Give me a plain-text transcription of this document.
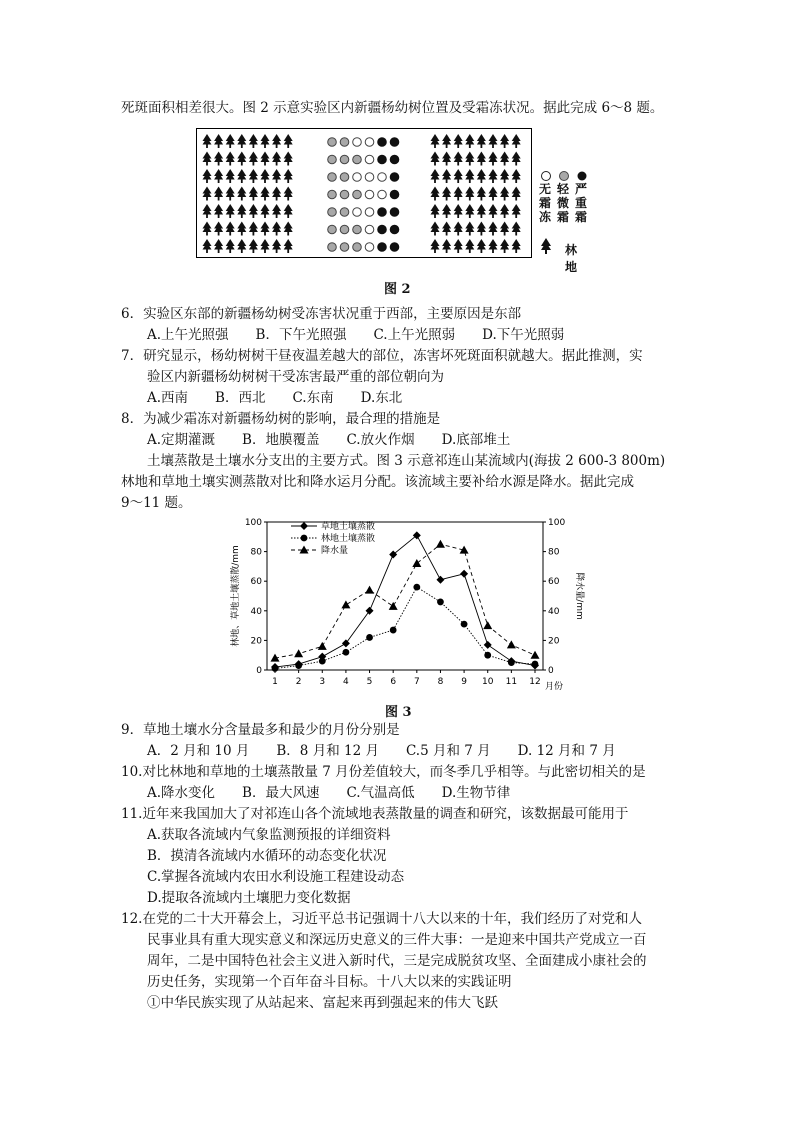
死斑面积相差很大。图 2 示意实验区内新疆杨幼树位置及受霜冻状况。据此完成 6～8 题。
无霜冻
轻微霜
严重霜
林地
图 2
6．实验区东部的新疆杨幼树受冻害状况重于西部，主要原因是东部
A.上午光照强　　B．下午光照强　　C.上午光照弱　　D.下午光照弱
7．研究显示，杨幼树树干昼夜温差越大的部位，冻害坏死斑面积就越大。据此推测，实
验区内新疆杨幼树树干受冻害最严重的部位朝向为
A.西南　　B．西北　　C.东南　　D.东北
8．为减少霜冻对新疆杨幼树的影响，最合理的措施是
A.定期灌溉　　B．地膜覆盖　　C.放火作烟　　D.底部堆土
土壤蒸散是土壤水分支出的主要方式。图 3 示意祁连山某流域内(海拔 2 600-3 800m)
林地和草地土壤实测蒸散对比和降水运月分配。该流域主要补给水源是降水。据此完成
9～11 题。
林地、草地土壤蒸散/mm	降水量/mm
月份
0	0
20	20
40	40
60	60
80	80
100	100
1 2 3 4 5 6 7 8 9 10 11 12
草地土壤蒸散
林地土壤蒸散
降水量
图 3
9．草地土壤水分含量最多和最少的月份分别是
A．2 月和 10 月　　B．8 月和 12 月　　C.5 月和 7 月　　D. 12 月和 7 月
10.对比林地和草地的土壤蒸散量 7 月份差值较大，而冬季几乎相等。与此密切相关的是
A.降水变化　　B．最大风速　　C.气温高低　　D.生物节律
11.近年来我国加大了对祁连山各个流域地表蒸散量的调查和研究，该数据最可能用于
A.获取各流域内气象监测预报的详细资料
B．摸清各流域内水循环的动态变化状况
C.掌握各流域内农田水利设施工程建设动态
D.提取各流域内土壤肥力变化数据
12.在党的二十大开幕会上，习近平总书记强调十八大以来的十年，我们经历了对党和人
民事业具有重大现实意义和深远历史意义的三件大事：一是迎来中国共产党成立一百
周年，二是中国特色社会主义进入新时代，三是完成脱贫攻坚、全面建成小康社会的
历史任务，实现第一个百年奋斗目标。十八大以来的实践证明
①中华民族实现了从站起来、富起来再到强起来的伟大飞跃
